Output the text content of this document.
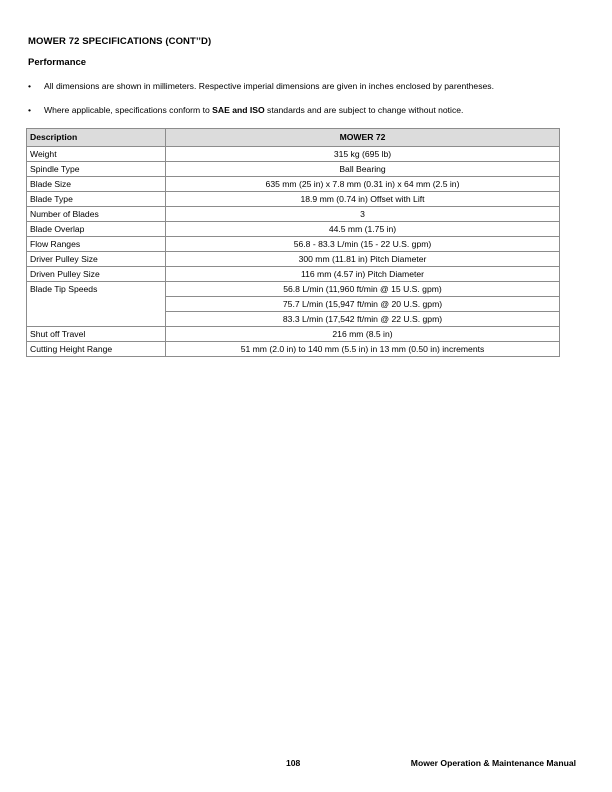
MOWER 72 SPECIFICATIONS (CONT’’D)
Performance
• All dimensions are shown in millimeters. Respective imperial dimensions are given in inches enclosed by parentheses.
• Where applicable, specifications conform to SAE and ISO standards and are subject to change without notice.
Description	MOWER 72
Weight	315 kg (695 lb)
Spindle Type	Ball Bearing
Blade Size	635 mm (25 in) x 7.8 mm (0.31 in) x 64 mm (2.5 in)
Blade Type	18.9 mm (0.74 in) Offset with Lift
Number of Blades	3
Blade Overlap	44.5 mm (1.75 in)
Flow Ranges	56.8 - 83.3 L/min (15 - 22 U.S. gpm)
Driver Pulley Size	300 mm (11.81 in) Pitch Diameter
Driven Pulley Size	116 mm (4.57 in) Pitch Diameter
Blade Tip Speeds	56.8 L/min (11,960 ft/min @ 15 U.S. gpm)
	75.7 L/min (15,947 ft/min @ 20 U.S. gpm)
	83.3 L/min (17,542 ft/min @ 22 U.S. gpm)
Shut off Travel	216 mm (8.5 in)
Cutting Height Range	51 mm (2.0 in) to 140 mm (5.5 in) in 13 mm (0.50 in) increments
108	Mower Operation & Maintenance Manual
